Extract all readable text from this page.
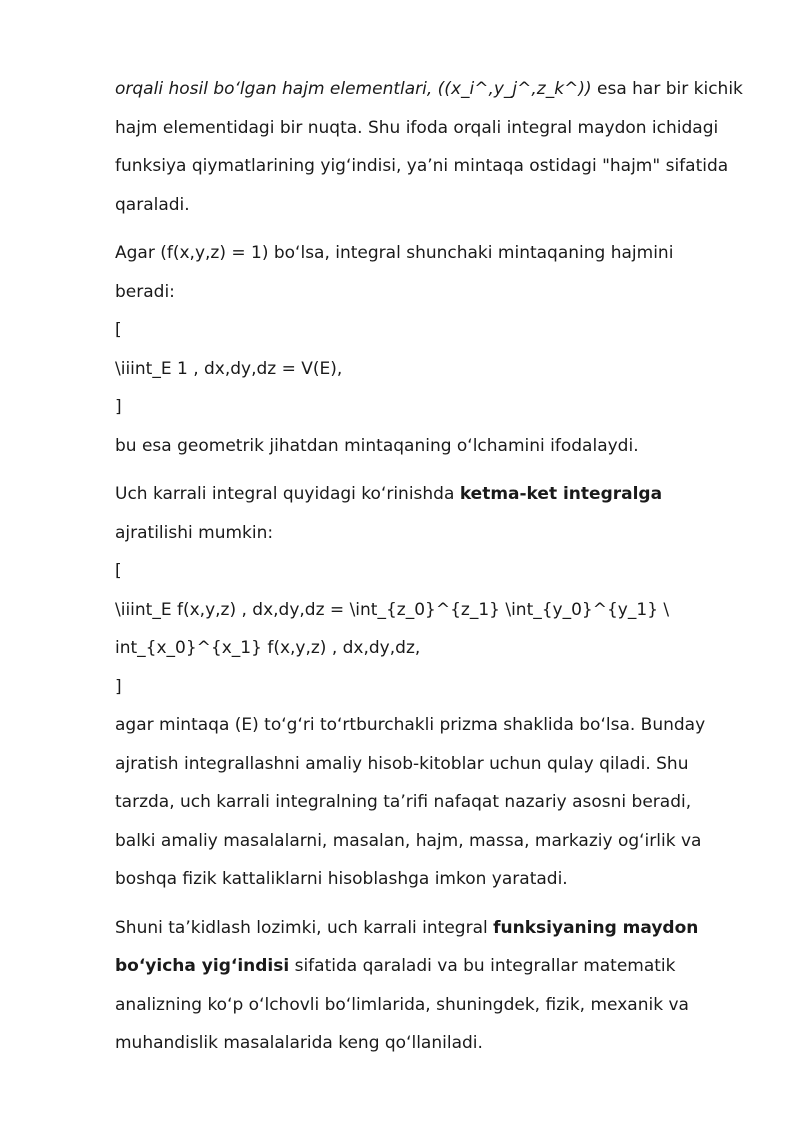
orqali hosil bo‘lgan hajm elementlari, ((x_i^,y_j^,z_k^)) esa har bir kichik
hajm elementidagi bir nuqta. Shu ifoda orqali integral maydon ichidagi
funksiya qiymatlarining yig‘indisi, ya’ni mintaqa ostidagi "hajm" sifatida
qaraladi.
Agar (f(x,y,z) = 1) bo‘lsa, integral shunchaki mintaqaning hajmini
beradi:
[
\iiint_E 1 , dx,dy,dz = V(E),
]
bu esa geometrik jihatdan mintaqaning o‘lchamini ifodalaydi.
Uch karrali integral quyidagi ko‘rinishda ketma-ket integralga
ajratilishi mumkin:
[
\iiint_E f(x,y,z) , dx,dy,dz = \int_{z_0}^{z_1} \int_{y_0}^{y_1} \
int_{x_0}^{x_1} f(x,y,z) , dx,dy,dz,
]
agar mintaqa (E) to‘g‘ri to‘rtburchakli prizma shaklida bo‘lsa. Bunday
ajratish integrallashni amaliy hisob-kitoblar uchun qulay qiladi. Shu
tarzda, uch karrali integralning ta’rifi nafaqat nazariy asosni beradi,
balki amaliy masalalarni, masalan, hajm, massa, markaziy og‘irlik va
boshqa fizik kattaliklarni hisoblashga imkon yaratadi.
Shuni ta’kidlash lozimki, uch karrali integral funksiyaning maydon
bo‘yicha yig‘indisi sifatida qaraladi va bu integrallar matematik
analizning ko‘p o‘lchovli bo‘limlarida, shuningdek, fizik, mexanik va
muhandislik masalalarida keng qo‘llaniladi.
